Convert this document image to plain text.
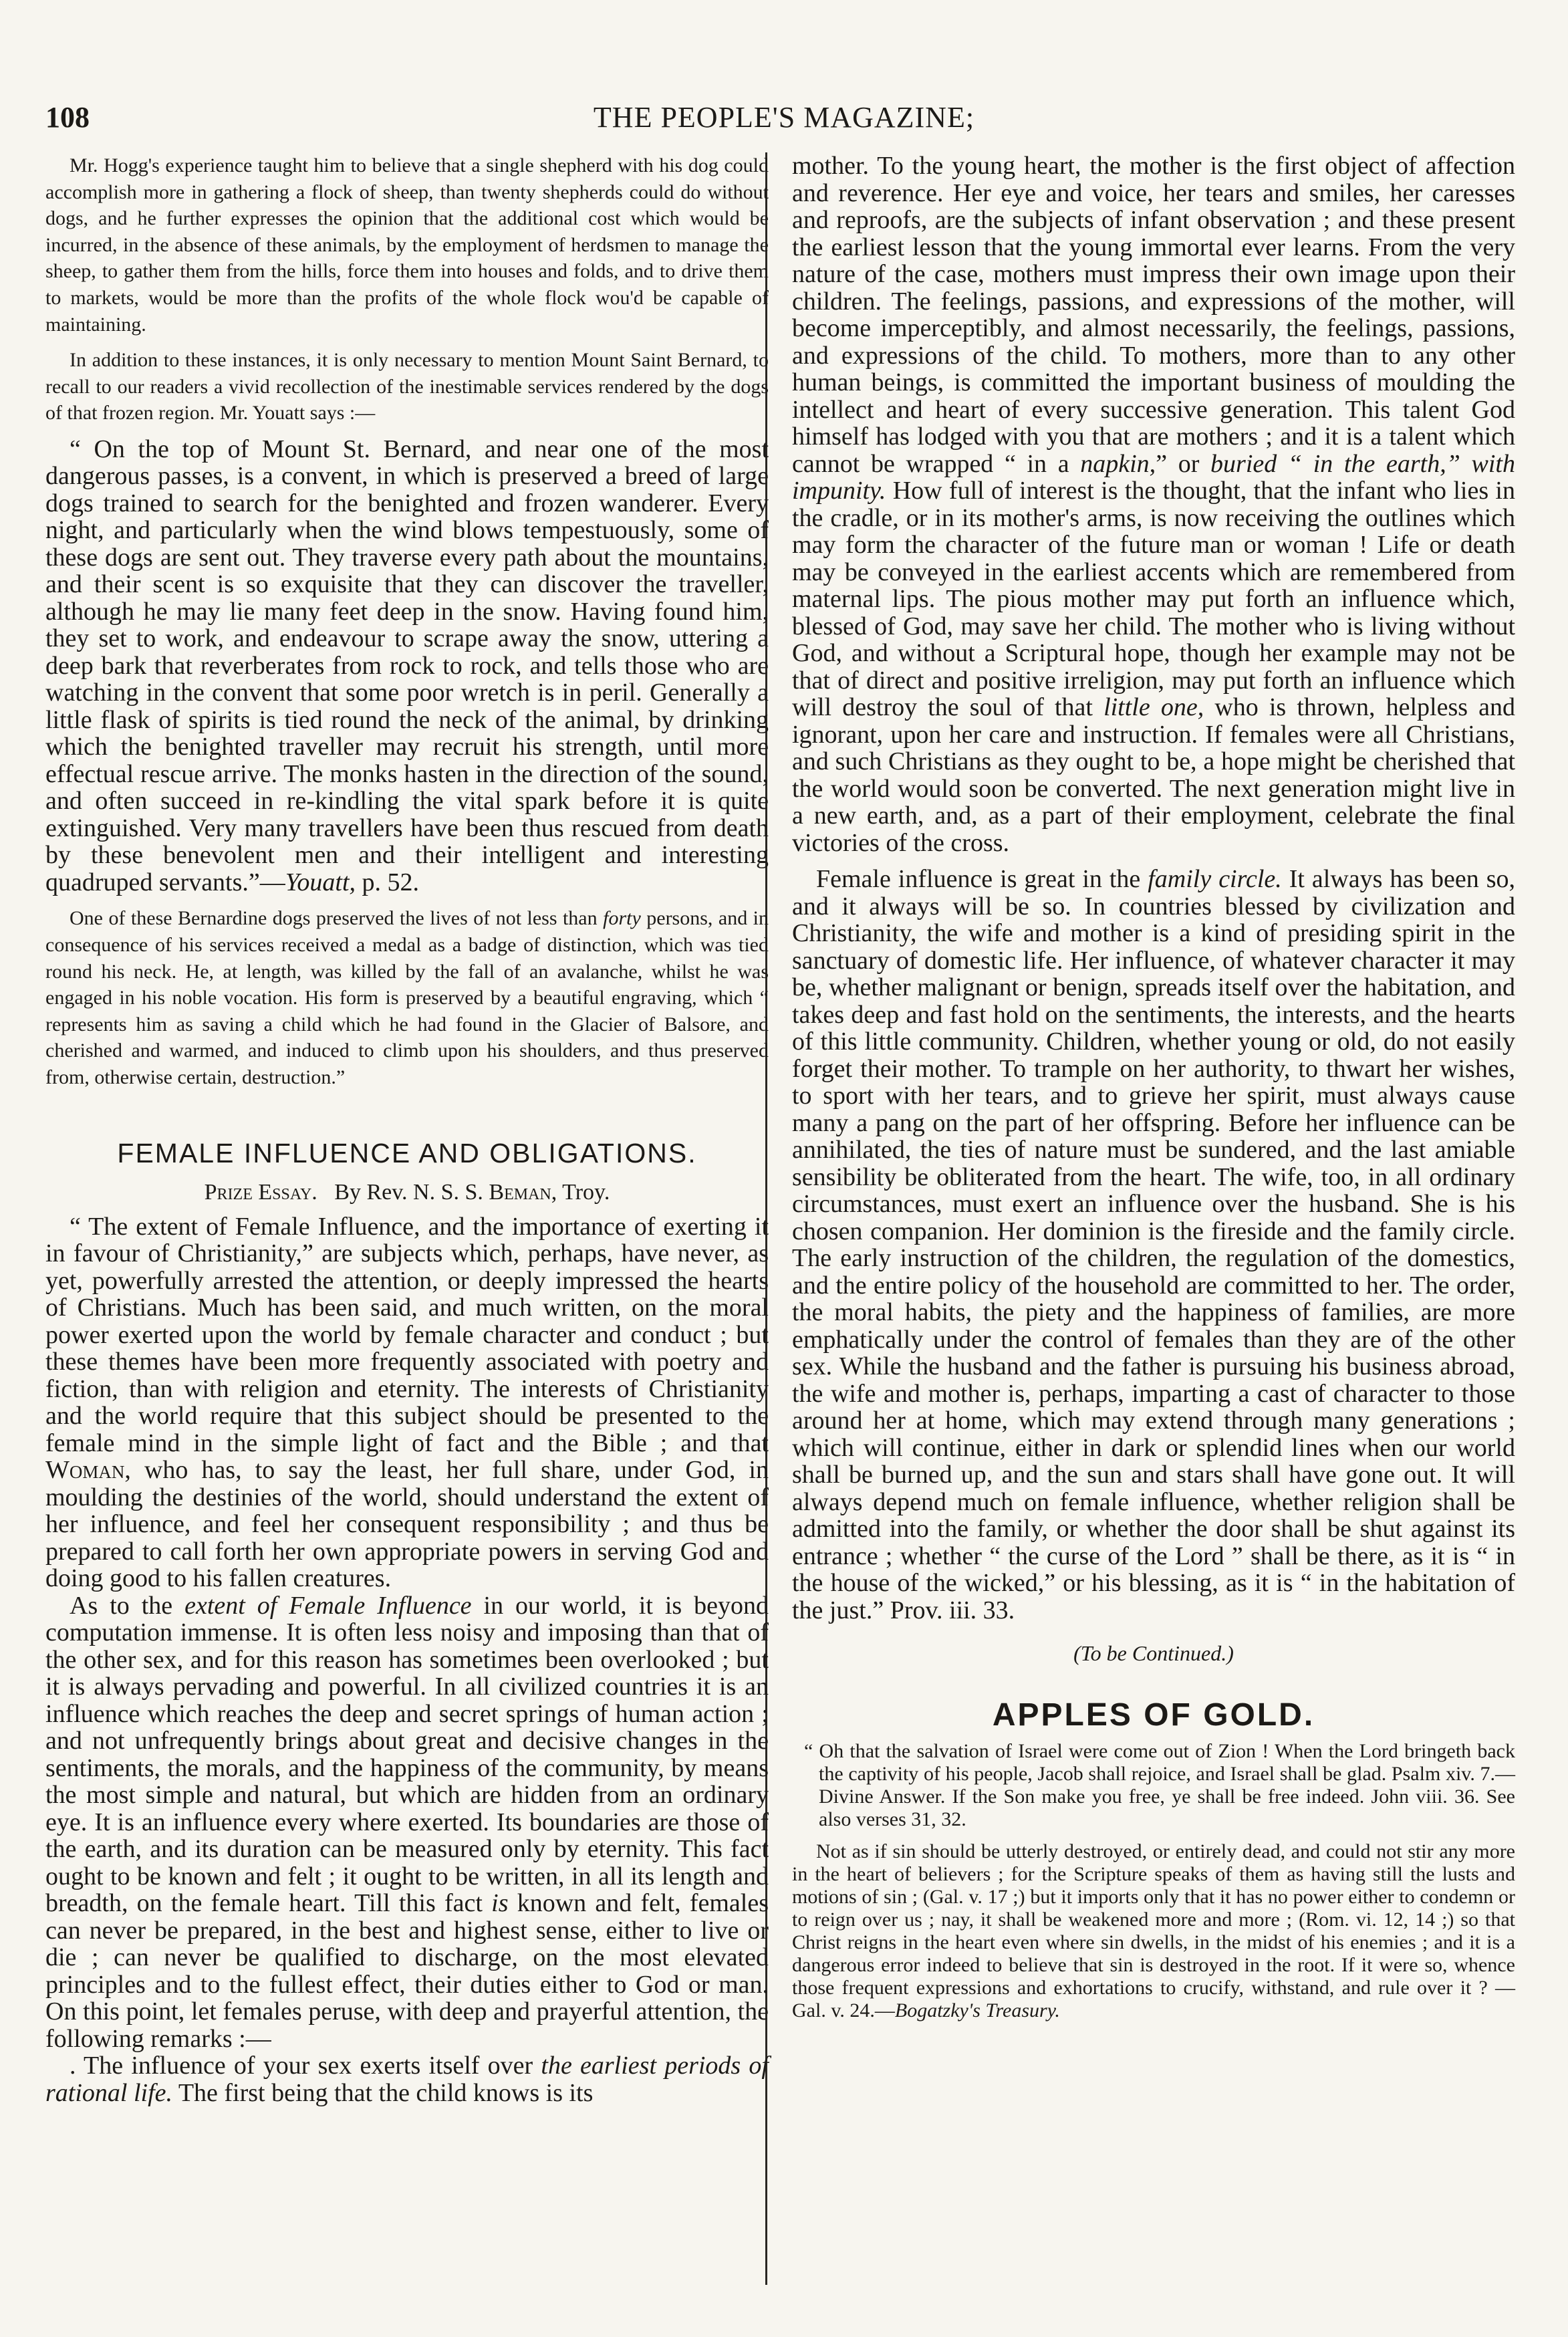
108	THE PEOPLE'S MAGAZINE;

Mr. Hogg's experience taught him to believe that a single shepherd with his dog could accomplish more in gathering a flock of sheep, than twenty shepherds could do without dogs, and he further expresses the opinion that the additional cost which would be incurred, in the absence of these animals, by the employment of herdsmen to manage the sheep, to gather them from the hills, force them into houses and folds, and to drive them to markets, would be more than the profits of the whole flock wou'd be capable of maintaining.

In addition to these instances, it is only necessary to mention Mount Saint Bernard, to recall to our readers a vivid recollection of the inestimable services rendered by the dogs of that frozen region. Mr. Youatt says :—

“ On the top of Mount St. Bernard, and near one of the most dangerous passes, is a convent, in which is preserved a breed of large dogs trained to search for the benighted and frozen wanderer. Every night, and particularly when the wind blows tempestuously, some of these dogs are sent out. They traverse every path about the mountains, and their scent is so exquisite that they can discover the traveller, although he may lie many feet deep in the snow. Having found him, they set to work, and endeavour to scrape away the snow, uttering a deep bark that reverberates from rock to rock, and tells those who are watching in the convent that some poor wretch is in peril. Generally a little flask of spirits is tied round the neck of the animal, by drinking which the benighted traveller may recruit his strength, until more effectual rescue arrive. The monks hasten in the direction of the sound, and often succeed in re-kindling the vital spark before it is quite extinguished. Very many travellers have been thus rescued from death by these benevolent men and their intelligent and interesting quadruped servants.”—Youatt, p. 52.

One of these Bernardine dogs preserved the lives of not less than forty persons, and in consequence of his services received a medal as a badge of distinction, which was tied round his neck. He, at length, was killed by the fall of an avalanche, whilst he was engaged in his noble vocation. His form is preserved by a beautiful engraving, which “ represents him as saving a child which he had found in the Glacier of Balsore, and cherished and warmed, and induced to climb upon his shoulders, and thus preserved from, otherwise certain, destruction.”

FEMALE INFLUENCE AND OBLIGATIONS.
Prize Essay. By Rev. N. S. S. Beman, Troy.

“ The extent of Female Influence, and the importance of exerting it in favour of Christianity,” are subjects which, perhaps, have never, as yet, powerfully arrested the attention, or deeply impressed the hearts of Christians. Much has been said, and much written, on the moral power exerted upon the world by female character and conduct ; but these themes have been more frequently associated with poetry and fiction, than with religion and eternity. The interests of Christianity and the world require that this subject should be presented to the female mind in the simple light of fact and the Bible ; and that Woman, who has, to say the least, her full share, under God, in moulding the destinies of the world, should understand the extent of her influence, and feel her consequent responsibility ; and thus be prepared to call forth her own appropriate powers in serving God and doing good to his fallen creatures.

As to the extent of Female Influence in our world, it is beyond computation immense. It is often less noisy and imposing than that of the other sex, and for this reason has sometimes been overlooked ; but it is always pervading and powerful. In all civilized countries it is an influence which reaches the deep and secret springs of human action ; and not unfrequently brings about great and decisive changes in the sentiments, the morals, and the happiness of the community, by means the most simple and natural, but which are hidden from an ordinary eye. It is an influence every where exerted. Its boundaries are those of the earth, and its duration can be measured only by eternity. This fact ought to be known and felt ; it ought to be written, in all its length and breadth, on the female heart. Till this fact is known and felt, females can never be prepared, in the best and highest sense, either to live or die ; can never be qualified to discharge, on the most elevated principles and to the fullest effect, their duties either to God or man. On this point, let females peruse, with deep and prayerful attention, the following remarks :—

. The influence of your sex exerts itself over the earliest periods of rational life. The first being that the child knows is its

mother. To the young heart, the mother is the first object of affection and reverence. Her eye and voice, her tears and smiles, her caresses and reproofs, are the subjects of infant observation ; and these present the earliest lesson that the young immortal ever learns. From the very nature of the case, mothers must impress their own image upon their children. The feelings, passions, and expressions of the mother, will become imperceptibly, and almost necessarily, the feelings, passions, and expressions of the child. To mothers, more than to any other human beings, is committed the important business of moulding the intellect and heart of every successive generation. This talent God himself has lodged with you that are mothers ; and it is a talent which cannot be wrapped “ in a napkin,” or buried “ in the earth,” with impunity. How full of interest is the thought, that the infant who lies in the cradle, or in its mother's arms, is now receiving the outlines which may form the character of the future man or woman ! Life or death may be conveyed in the earliest accents which are remembered from maternal lips. The pious mother may put forth an influence which, blessed of God, may save her child. The mother who is living without God, and without a Scriptural hope, though her example may not be that of direct and positive irreligion, may put forth an influence which will destroy the soul of that little one, who is thrown, helpless and ignorant, upon her care and instruction. If females were all Christians, and such Christians as they ought to be, a hope might be cherished that the world would soon be converted. The next generation might live in a new earth, and, as a part of their employment, celebrate the final victories of the cross.

Female influence is great in the family circle. It always has been so, and it always will be so. In countries blessed by civilization and Christianity, the wife and mother is a kind of presiding spirit in the sanctuary of domestic life. Her influence, of whatever character it may be, whether malignant or benign, spreads itself over the habitation, and takes deep and fast hold on the sentiments, the interests, and the hearts of this little community. Children, whether young or old, do not easily forget their mother. To trample on her authority, to thwart her wishes, to sport with her tears, and to grieve her spirit, must always cause many a pang on the part of her offspring. Before her influence can be annihilated, the ties of nature must be sundered, and the last amiable sensibility be obliterated from the heart. The wife, too, in all ordinary circumstances, must exert an influence over the husband. She is his chosen companion. Her dominion is the fireside and the family circle. The early instruction of the children, the regulation of the domestics, and the entire policy of the household are committed to her. The order, the moral habits, the piety and the happiness of families, are more emphatically under the control of females than they are of the other sex. While the husband and the father is pursuing his business abroad, the wife and mother is, perhaps, imparting a cast of character to those around her at home, which may extend through many generations ; which will continue, either in dark or splendid lines when our world shall be burned up, and the sun and stars shall have gone out. It will always depend much on female influence, whether religion shall be admitted into the family, or whether the door shall be shut against its entrance ; whether “ the curse of the Lord ” shall be there, as it is “ in the house of the wicked,” or his blessing, as it is “ in the habitation of the just.” Prov. iii. 33.

(To be Continued.)
APPLES OF GOLD.

“ Oh that the salvation of Israel were come out of Zion ! When the Lord bringeth back the captivity of his people, Jacob shall rejoice, and Israel shall be glad. Psalm xiv. 7.—Divine Answer. If the Son make you free, ye shall be free indeed. John viii. 36. See also verses 31, 32.

Not as if sin should be utterly destroyed, or entirely dead, and could not stir any more in the heart of believers ; for the Scripture speaks of them as having still the lusts and motions of sin ; (Gal. v. 17 ;) but it imports only that it has no power either to condemn or to reign over us ; nay, it shall be weakened more and more ; (Rom. vi. 12, 14 ;) so that Christ reigns in the heart even where sin dwells, in the midst of his enemies ; and it is a dangerous error indeed to believe that sin is destroyed in the root. If it were so, whence those frequent expressions and exhortations to crucify, withstand, and rule over it ? —Gal. v. 24.—Bogatzky's Treasury.
